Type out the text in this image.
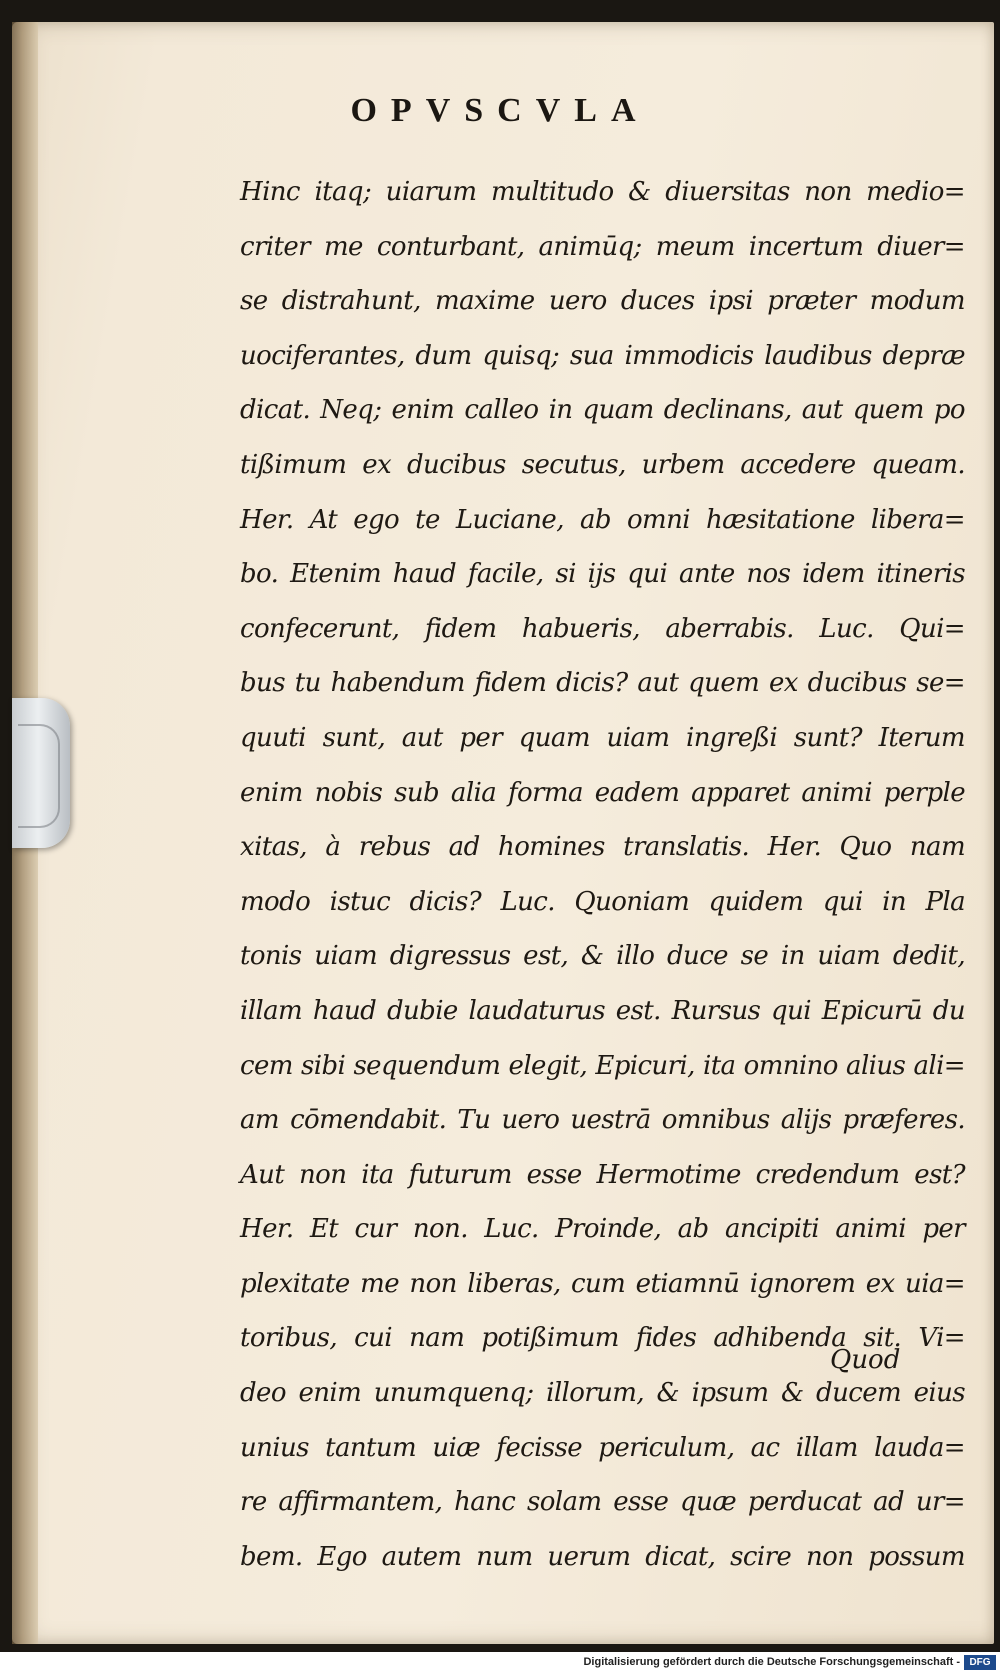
OPVSCVLA
Hinc itaq; uiarum multitudo & diuersitas non medio=
criter me conturbant, animūq; meum incertum diuer=
se distrahunt, maxime uero duces ipsi præter modum
uociferantes, dum quisq; sua immodicis laudibus depræ
dicat. Neq; enim calleo in quam declinans, aut quem po
tißimum ex ducibus secutus, urbem accedere queam.
Her. At ego te Luciane, ab omni hæsitatione libera=
bo. Etenim haud facile, si ijs qui ante nos idem itineris
confecerunt, fidem habueris, aberrabis. Luc. Qui=
bus tu habendum fidem dicis? aut quem ex ducibus se=
quuti sunt, aut per quam uiam ingreßi sunt? Iterum
enim nobis sub alia forma eadem apparet animi perple
xitas, à rebus ad homines translatis. Her. Quo nam
modo istuc dicis? Luc. Quoniam quidem qui in Pla
tonis uiam digressus est, & illo duce se in uiam dedit,
illam haud dubie laudaturus est. Rursus qui Epicurū du
cem sibi sequendum elegit, Epicuri, ita omnino alius ali=
am cōmendabit. Tu uero uestrā omnibus alijs præferes.
Aut non ita futurum esse Hermotime credendum est?
Her. Et cur non. Luc. Proinde, ab ancipiti animi per
plexitate me non liberas, cum etiamnū ignorem ex uia=
toribus, cui nam potißimum fides adhibenda sit. Vi=
deo enim unumquenq; illorum, & ipsum & ducem eius
unius tantum uiæ fecisse periculum, ac illam lauda=
re affirmantem, hanc solam esse quæ perducat ad ur=
bem. Ego autem num uerum dicat, scire non possum
Quod
Digitalisierung gefördert durch die Deutsche Forschungsgemeinschaft - DFG
